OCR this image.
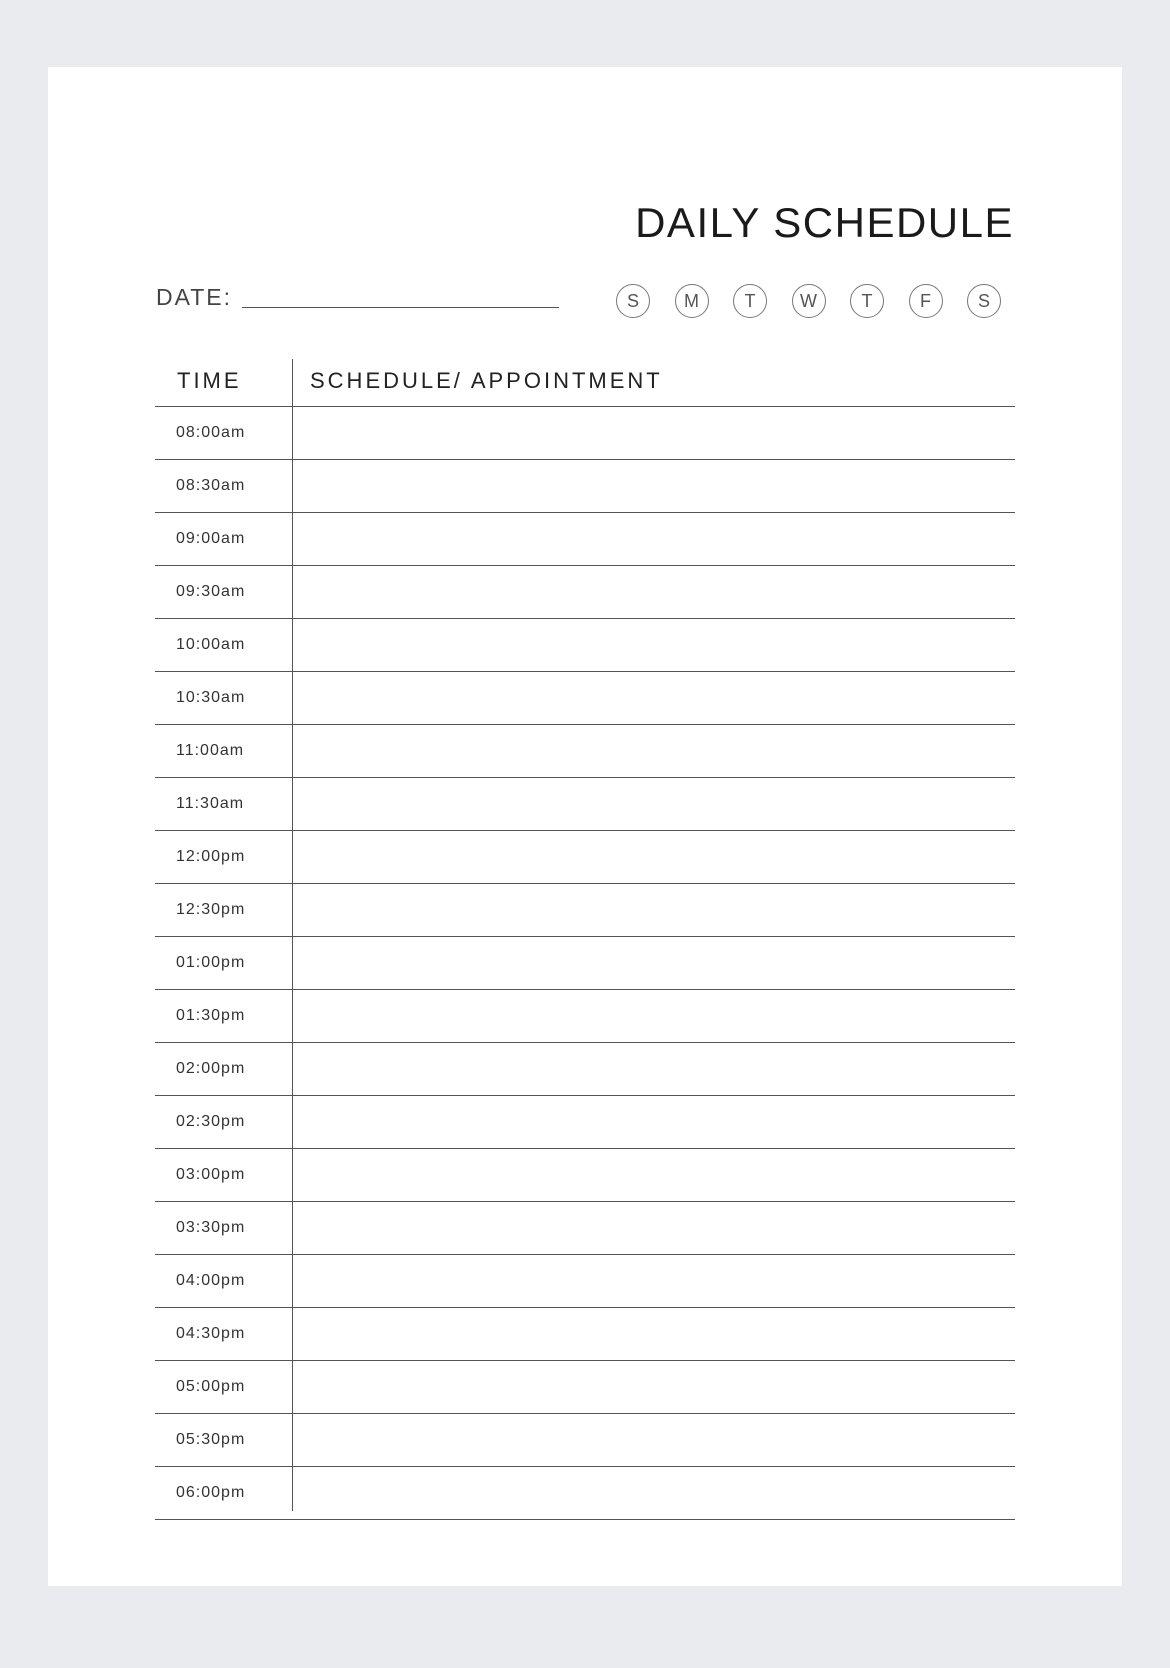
DAILY SCHEDULE
DATE:	S	M	T	W	T	F	S
TIME	SCHEDULE/ APPOINTMENT
08:00am
08:30am
09:00am
09:30am
10:00am
10:30am
11:00am
11:30am
12:00pm
12:30pm
01:00pm
01:30pm
02:00pm
02:30pm
03:00pm
03:30pm
04:00pm
04:30pm
05:00pm
05:30pm
06:00pm
